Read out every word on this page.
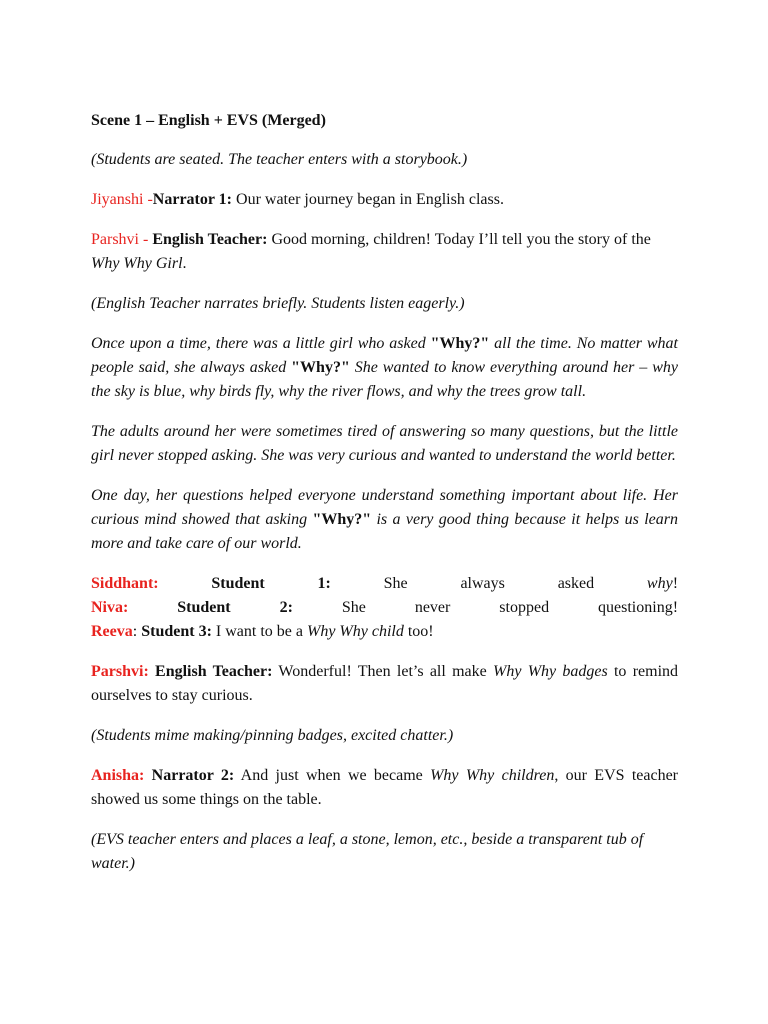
Scene 1 – English + EVS (Merged)

(Students are seated. The teacher enters with a storybook.)

Jiyanshi -Narrator 1: Our water journey began in English class.

Parshvi - English Teacher: Good morning, children! Today I’ll tell you the story of the Why Why Girl.

(English Teacher narrates briefly. Students listen eagerly.)

Once upon a time, there was a little girl who asked "Why?" all the time. No matter what people said, she always asked "Why?" She wanted to know everything around her – why the sky is blue, why birds fly, why the river flows, and why the trees grow tall.

The adults around her were sometimes tired of answering so many questions, but the little girl never stopped asking. She was very curious and wanted to understand the world better.

One day, her questions helped everyone understand something important about life. Her curious mind showed that asking "Why?" is a very good thing because it helps us learn more and take care of our world.

Siddhant:	Student 1:	She	always	asked	why!
Niva:	Student 2:	She	never	stopped	questioning!
Reeva: Student 3: I want to be a Why Why child too!

Parshvi: English Teacher: Wonderful! Then let’s all make Why Why badges to remind ourselves to stay curious.

(Students mime making/pinning badges, excited chatter.)

Anisha: Narrator 2: And just when we became Why Why children, our EVS teacher showed us some things on the table.

(EVS teacher enters and places a leaf, a stone, lemon, etc., beside a transparent tub of water.)
